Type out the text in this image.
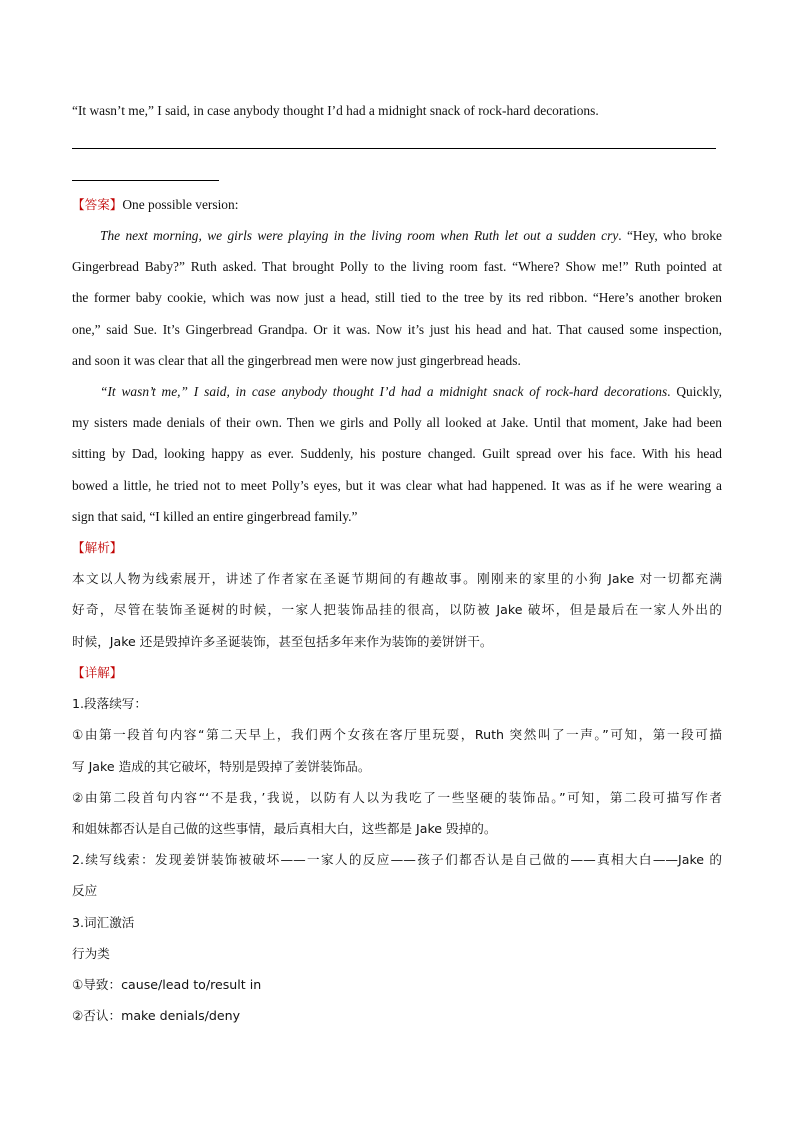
“It wasn’t me,” I said, in case anybody thought I’d had a midnight snack of rock-hard decorations.
【答案】One possible version:
The next morning, we girls were playing in the living room when Ruth let out a sudden cry. “Hey, who broke
Gingerbread Baby?” Ruth asked. That brought Polly to the living room fast. “Where? Show me!” Ruth pointed at
the former baby cookie, which was now just a head, still tied to the tree by its red ribbon. “Here’s another broken
one,” said Sue. It’s Gingerbread Grandpa. Or it was. Now it’s just his head and hat. That caused some inspection,
and soon it was clear that all the gingerbread men were now just gingerbread heads.
“It wasn’t me,” I said, in case anybody thought I’d had a midnight snack of rock-hard decorations. Quickly,
my sisters made denials of their own. Then we girls and Polly all looked at Jake. Until that moment, Jake had been
sitting by Dad, looking happy as ever. Suddenly, his posture changed. Guilt spread over his face. With his head
bowed a little, he tried not to meet Polly’s eyes, but it was clear what had happened. It was as if he were wearing a
sign that said, “I killed an entire gingerbread family.”
【解析】
本文以人物为线索展开，讲述了作者家在圣诞节期间的有趣故事。刚刚来的家里的小狗 Jake 对一切都充满
好奇，尽管在装饰圣诞树的时候，一家人把装饰品挂的很高，以防被 Jake 破坏，但是最后在一家人外出的
时候，Jake 还是毁掉许多圣诞装饰，甚至包括多年来作为装饰的姜饼饼干。
【详解】
1.段落续写：
①由第一段首句内容“第二天早上，我们两个女孩在客厅里玩耍，Ruth 突然叫了一声。”可知，第一段可描
写 Jake 造成的其它破坏，特别是毁掉了姜饼装饰品。
②由第二段首句内容“‘不是我，’我说，以防有人以为我吃了一些坚硬的装饰品。”可知，第二段可描写作者
和姐妹都否认是自己做的这些事情，最后真相大白，这些都是 Jake 毁掉的。
2.续写线索：发现姜饼装饰被破坏——一家人的反应——孩子们都否认是自己做的——真相大白——Jake 的
反应
3.词汇激活
行为类
①导致：cause/lead to/result in
②否认：make denials/deny
